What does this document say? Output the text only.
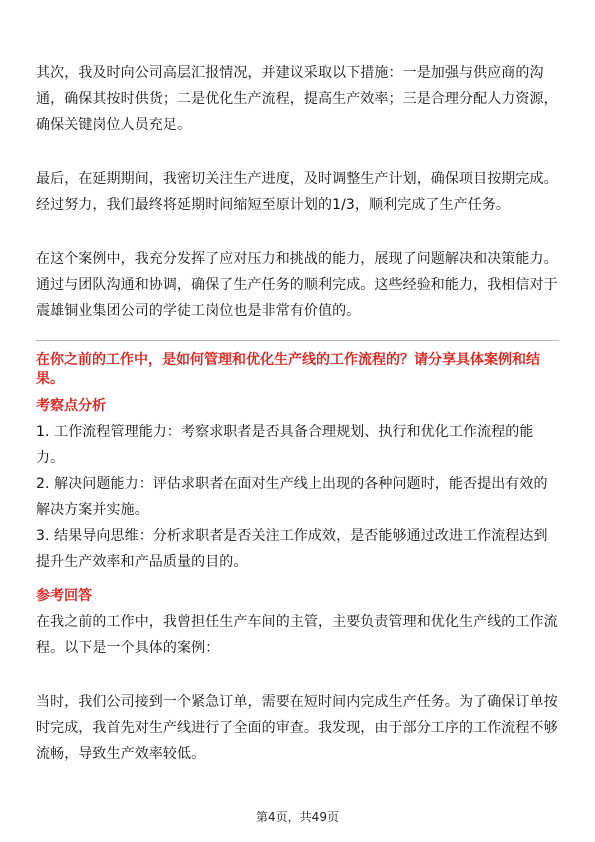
其次，我及时向公司高层汇报情况，并建议采取以下措施：一是加强与供应商的沟通，确保其按时供货；二是优化生产流程，提高生产效率；三是合理分配人力资源，确保关键岗位人员充足。

最后，在延期期间，我密切关注生产进度，及时调整生产计划，确保项目按期完成。经过努力，我们最终将延期时间缩短至原计划的1/3，顺利完成了生产任务。

在这个案例中，我充分发挥了应对压力和挑战的能力，展现了问题解决和决策能力。通过与团队沟通和协调，确保了生产任务的顺利完成。这些经验和能力，我相信对于震雄铜业集团公司的学徒工岗位也是非常有价值的。

在你之前的工作中，是如何管理和优化生产线的工作流程的？请分享具体案例和结果。

考察点分析

1. 工作流程管理能力：考察求职者是否具备合理规划、执行和优化工作流程的能力。

2. 解决问题能力：评估求职者在面对生产线上出现的各种问题时，能否提出有效的解决方案并实施。

3. 结果导向思维：分析求职者是否关注工作成效，是否能够通过改进工作流程达到提升生产效率和产品质量的目的。

参考回答

在我之前的工作中，我曾担任生产车间的主管，主要负责管理和优化生产线的工作流程。以下是一个具体的案例：

当时，我们公司接到一个紧急订单，需要在短时间内完成生产任务。为了确保订单按时完成，我首先对生产线进行了全面的审查。我发现，由于部分工序的工作流程不够流畅，导致生产效率较低。

第4页，共49页
